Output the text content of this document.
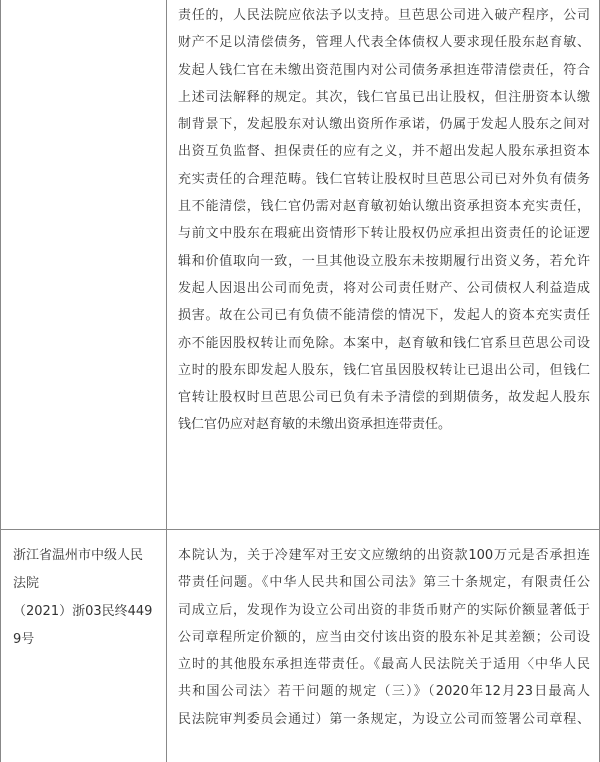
责任的，人民法院应依法予以支持。旦芭思公司进入破产程序，公司
财产不足以清偿债务，管理人代表全体债权人要求现任股东赵育敏、
发起人钱仁官在未缴出资范围内对公司债务承担连带清偿责任，符合
上述司法解释的规定。其次，钱仁官虽已出让股权，但注册资本认缴
制背景下，发起股东对认缴出资所作承诺，仍属于发起人股东之间对
出资互负监督、担保责任的应有之义，并不超出发起人股东承担资本
充实责任的合理范畴。钱仁官转让股权时旦芭思公司已对外负有债务
且不能清偿，钱仁官仍需对赵育敏初始认缴出资承担资本充实责任，
与前文中股东在瑕疵出资情形下转让股权仍应承担出资责任的论证逻
辑和价值取向一致，一旦其他设立股东未按期履行出资义务，若允许
发起人因退出公司而免责，将对公司责任财产、公司债权人利益造成
损害。故在公司已有负债不能清偿的情况下，发起人的资本充实责任
亦不能因股权转让而免除。本案中，赵育敏和钱仁官系旦芭思公司设
立时的股东即发起人股东，钱仁官虽因股权转让已退出公司，但钱仁
官转让股权时旦芭思公司已负有未予清偿的到期债务，故发起人股东
钱仁官仍应对赵育敏的未缴出资承担连带责任。
浙江省温州市中级人民
法院
（2021）浙03民终449
9号
本院认为，关于冷建军对王安文应缴纳的出资款100万元是否承担连
带责任问题。《中华人民共和国公司法》第三十条规定，有限责任公
司成立后，发现作为设立公司出资的非货币财产的实际价额显著低于
公司章程所定价额的，应当由交付该出资的股东补足其差额；公司设
立时的其他股东承担连带责任。《最高人民法院关于适用〈中华人民
共和国公司法〉若干问题的规定（三）》（2020年12月23日最高人
民法院审判委员会通过）第一条规定，为设立公司而签署公司章程、
